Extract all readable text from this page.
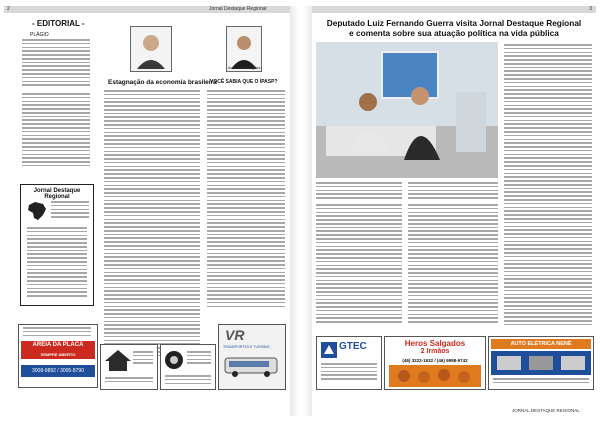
2	Jornal Destaque Regional
- EDITORIAL -
PLÁGIO
Jornal Destaque Regional
Paulo Roberto	Antônio Rodrigues
Estagnação da economia brasileira
VOCÊ SABIA QUE O IPASP?
AREIA DA PLACA
SEMPRE ABERTO
3008-9892 / 3005-8790
VR
TRANSPORTES E TURISMO
3
Deputado Luiz Fernando Guerra visita Jornal Destaque Regional
e comenta sobre sua atuação política na vida pública
GTEC	Heros Salgados
2 Irmãos
(46) 3222-1932 / (46) 9998-9742
AUTO ELÉTRICA NENÊ
JORNAL DESTAQUE REGIONAL
